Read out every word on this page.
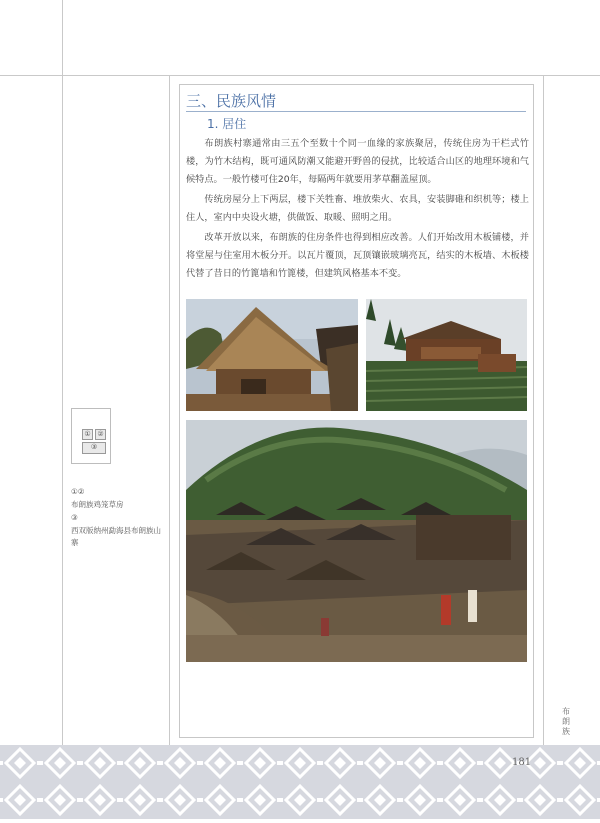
三、民族风情
1. 居住

布朗族村寨通常由三五个至数十个同一血缘的家族聚居，传统住房为干栏式竹楼，为竹木结构，既可通风防潮又能避开野兽的侵扰，比较适合山区的地理环境和气候特点。一般竹楼可住20年，每隔两年就要用茅草翻盖屋顶。

传统房屋分上下两层，楼下关牲畜、堆放柴火、农具，安装脚碓和织机等；楼上住人，室内中央设火塘，供做饭、取暖、照明之用。

改革开放以来，布朗族的住房条件也得到相应改善。人们开始改用木板铺楼，并将堂屋与住室用木板分开。以瓦片覆顶，瓦顶镶嵌玻璃亮瓦，结实的木板墙、木板楼代替了昔日的竹篦墙和竹篦楼，但建筑风格基本不变。

① ②
③
①②
布朗族鸡笼草房
③
西双版纳州勐海县布朗族山寨
布朗族
181
